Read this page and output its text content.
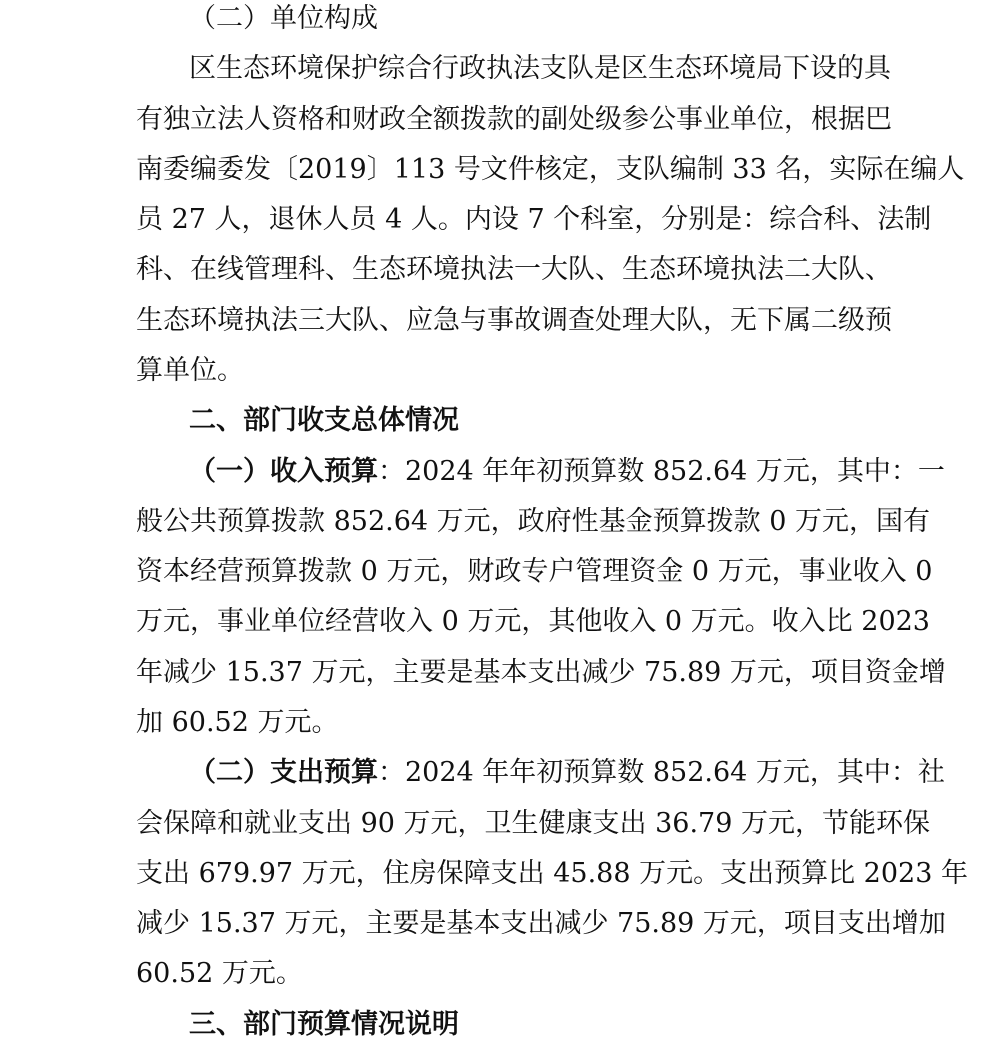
（二）单位构成
区生态环境保护综合行政执法支队是区生态环境局下设的具
有独立法人资格和财政全额拨款的副处级参公事业单位，根据巴
南委编委发〔2019〕113 号文件核定，支队编制 33 名，实际在编人
员 27 人，退休人员 4 人。内设 7 个科室，分别是：综合科、法制
科、在线管理科、生态环境执法一大队、生态环境执法二大队、
生态环境执法三大队、应急与事故调查处理大队，无下属二级预
算单位。
二、部门收支总体情况
（一）收入预算：2024 年年初预算数 852.64 万元，其中：一
般公共预算拨款 852.64 万元，政府性基金预算拨款 0 万元，国有
资本经营预算拨款 0 万元，财政专户管理资金 0 万元，事业收入 0
万元，事业单位经营收入 0 万元，其他收入 0 万元。收入比 2023
年减少 15.37 万元，主要是基本支出减少 75.89 万元，项目资金增
加 60.52 万元。
（二）支出预算：2024 年年初预算数 852.64 万元，其中：社
会保障和就业支出 90 万元，卫生健康支出 36.79 万元，节能环保
支出 679.97 万元，住房保障支出 45.88 万元。支出预算比 2023 年
减少 15.37 万元，主要是基本支出减少 75.89 万元，项目支出增加
60.52 万元。
三、部门预算情况说明
